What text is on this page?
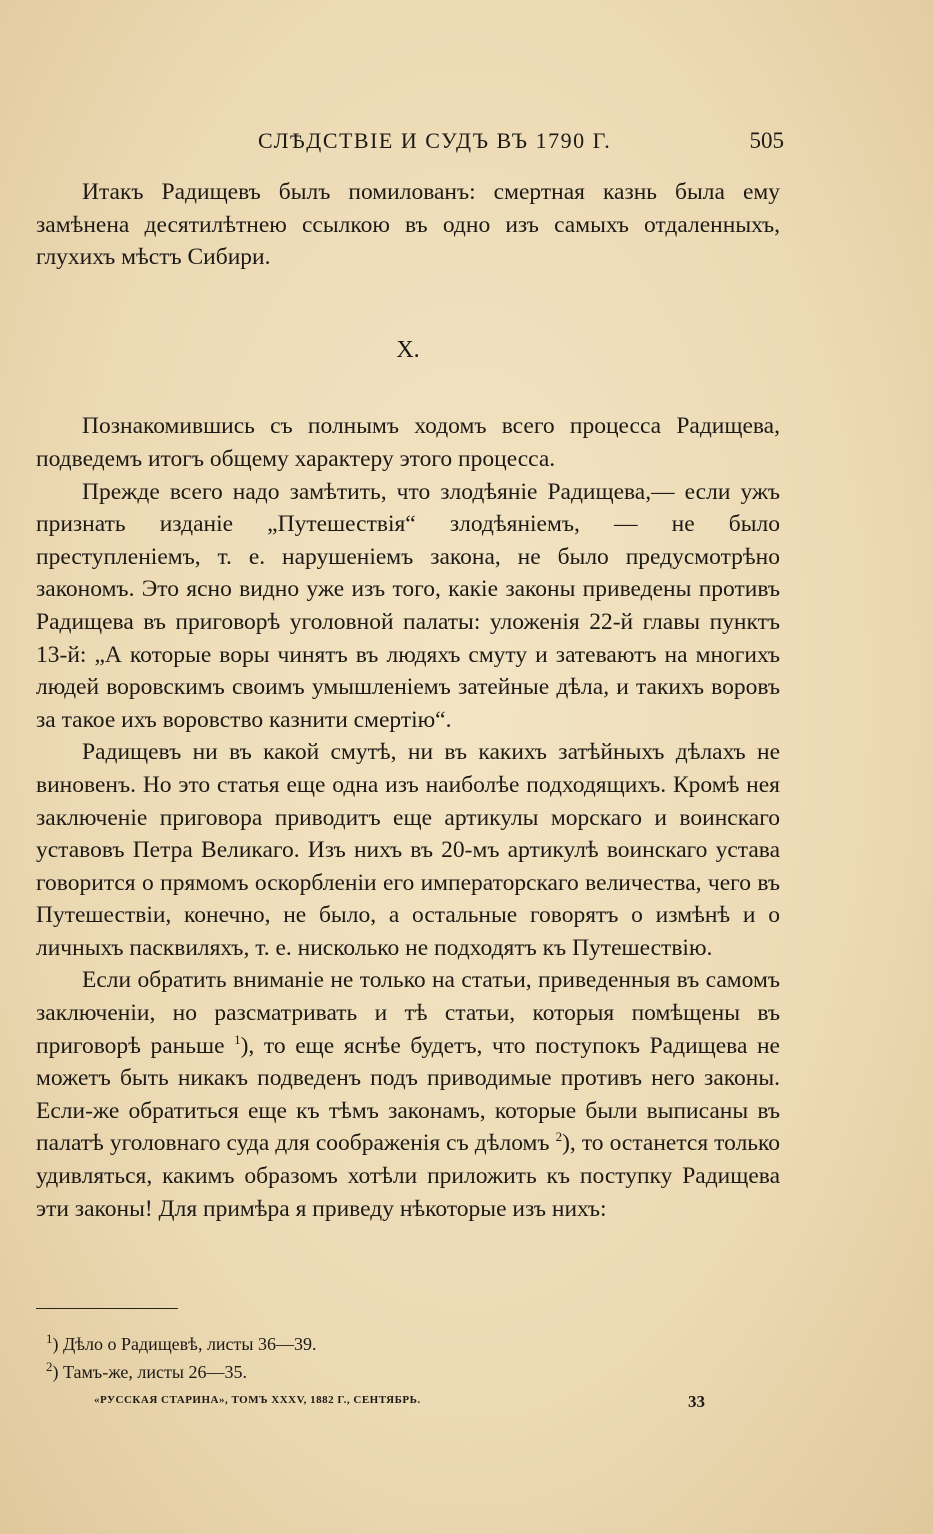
СЛѢДСТВІЕ И СУДЪ ВЪ 1790 Г.	505

Итакъ Радищевъ былъ помилованъ: смертная казнь была ему замѣнена десятилѣтнею ссылкою въ одно изъ самыхъ отдаленныхъ, глухихъ мѣстъ Сибири.

X.

Познакомившись съ полнымъ ходомъ всего процесса Радищева, подведемъ итогъ общему характеру этого процесса.

Прежде всего надо замѣтить, что злодѣяніе Радищева,— если ужъ признать изданіе „Путешествія“ злодѣяніемъ, — не было преступленіемъ, т. е. нарушеніемъ закона, не было предусмотрѣно закономъ. Это ясно видно уже изъ того, какіе законы приведены противъ Радищева въ приговорѣ уголовной палаты: уложенія 22-й главы пунктъ 13-й: „А которые воры чинятъ въ людяхъ смуту и затеваютъ на многихъ людей воровскимъ своимъ умышленіемъ затейные дѣла, и такихъ воровъ за такое ихъ воровство казнити смертію“.

Радищевъ ни въ какой смутѣ, ни въ какихъ затѣйныхъ дѣлахъ не виновенъ. Но это статья еще одна изъ наиболѣе подходящихъ. Кромѣ нея заключеніе приговора приводитъ еще артикулы морскаго и воинскаго уставовъ Петра Великаго. Изъ нихъ въ 20-мъ артикулѣ воинскаго устава говорится о прямомъ оскорбленіи его императорскаго величества, чего въ Путешествіи, конечно, не было, а остальные говорятъ о измѣнѣ и о личныхъ пасквиляхъ, т. е. нисколько не подходятъ къ Путешествію.

Если обратить вниманіе не только на статьи, приведенныя въ самомъ заключеніи, но разсматривать и тѣ статьи, которыя помѣщены въ приговорѣ раньше $^1$), то еще яснѣе будетъ, что поступокъ Радищева не можетъ быть никакъ подведенъ подъ приводимые противъ него законы. Если-же обратиться еще къ тѣмъ законамъ, которые были выписаны въ палатѣ уголовнаго суда для соображенія съ дѣломъ $^2$), то останется только удивляться, какимъ образомъ хотѣли приложить къ поступку Радищева эти законы! Для примѣра я приведу нѣкоторые изъ нихъ:

$^1$) Дѣло о Радищевѣ, листы 36—39.
$^2$) Тамъ-же, листы 26—35.
«РУССКАЯ СТАРИНА», ТОМЪ XXXV, 1882 Г., СЕНТЯБРЬ.	33
